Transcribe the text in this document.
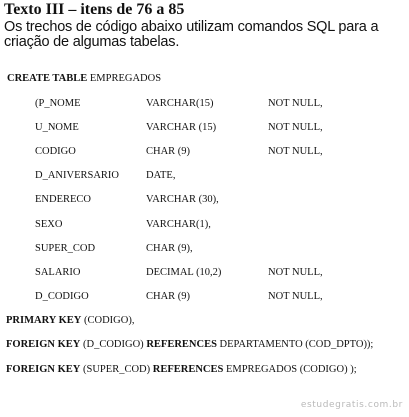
Texto III – itens de 76 a 85
Os trechos de código abaixo utilizam comandos SQL para a criação de algumas tabelas.
CREATE TABLE EMPREGADOS
(P_NOME	VARCHAR(15)	NOT NULL,
U_NOME	VARCHAR (15)	NOT NULL,
CODIGO	CHAR (9)	NOT NULL,
D_ANIVERSARIO	DATE,
ENDERECO	VARCHAR (30),
SEXO	VARCHAR(1),
SUPER_COD	CHAR (9),
SALARIO	DECIMAL (10,2)	NOT NULL,
D_CODIGO	CHAR (9)	NOT NULL,
PRIMARY KEY (CODIGO),
FOREIGN KEY (D_CODIGO) REFERENCES DEPARTAMENTO (COD_DPTO));
FOREIGN KEY (SUPER_COD) REFERENCES EMPREGADOS (CODIGO) );
estudegratis.com.br
